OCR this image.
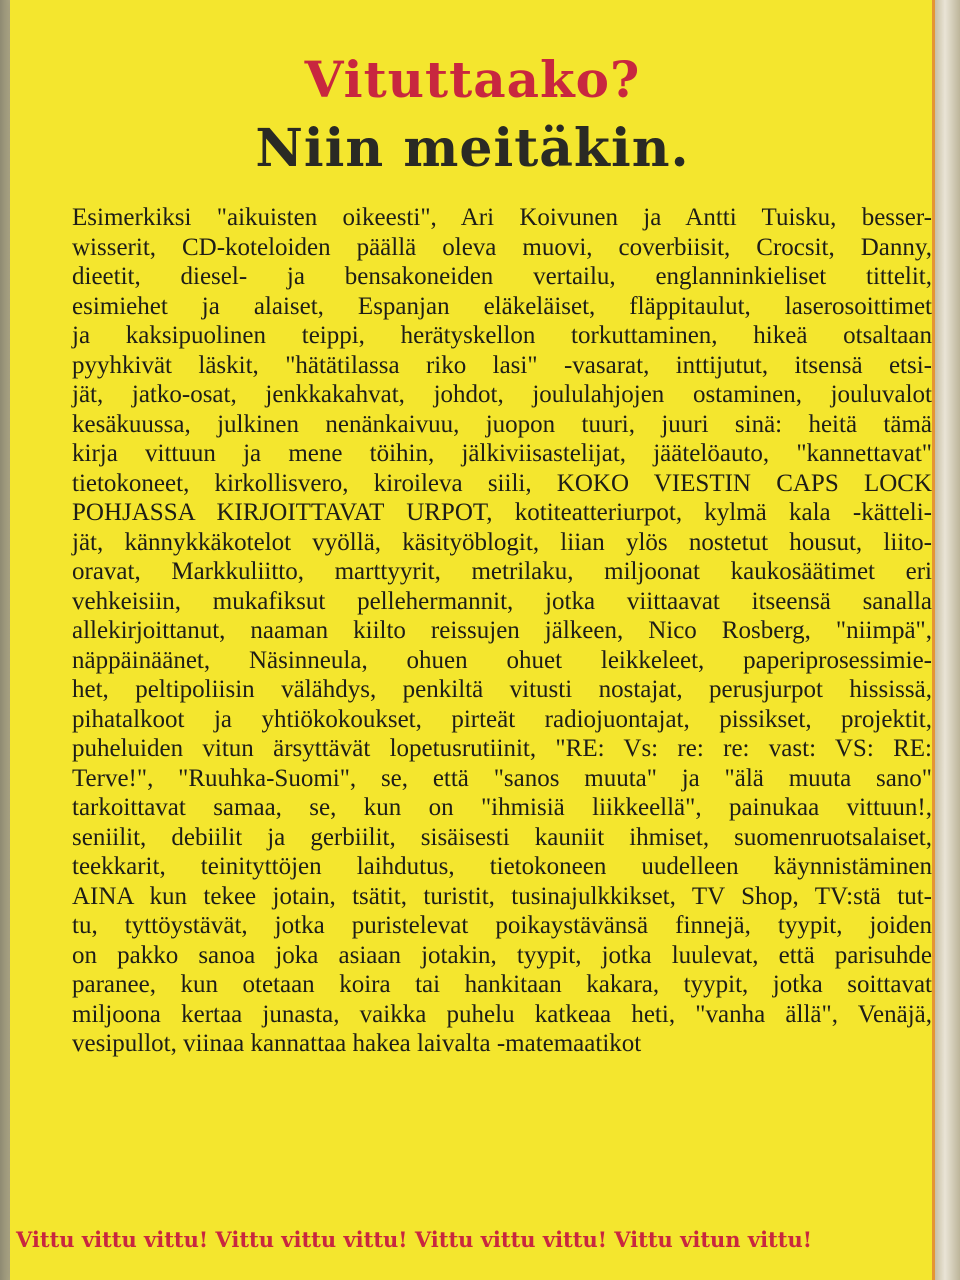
Vituttaako?
Niin meitäkin.

Esimerkiksi "aikuisten oikeesti", Ari Koivunen ja Antti Tuisku, besser-
wisserit, CD-koteloiden päällä oleva muovi, coverbiisit, Crocsit, Danny,
dieetit, diesel- ja bensakoneiden vertailu, englanninkieliset tittelit,
esimiehet ja alaiset, Espanjan eläkeläiset, fläppitaulut, laserosoittimet
ja kaksipuolinen teippi, herätyskellon torkuttaminen, hikeä otsaltaan
pyyhkivät läskit, "hätätilassa riko lasi" -vasarat, inttijutut, itsensä etsi-
jät, jatko-osat, jenkkakahvat, johdot, joululahjojen ostaminen, jouluvalot
kesäkuussa, julkinen nenänkaivuu, juopon tuuri, juuri sinä: heitä tämä
kirja vittuun ja mene töihin, jälkiviisastelijat, jäätelöauto, "kannettavat"
tietokoneet, kirkollisvero, kiroileva siili, KOKO VIESTIN CAPS LOCK
POHJASSA KIRJOITTAVAT URPOT, kotiteatteriurpot, kylmä kala -kätteli-
jät, kännykkäkotelot vyöllä, käsityöblogit, liian ylös nostetut housut, liito-
oravat, Markkuliitto, marttyyrit, metrilaku, miljoonat kaukosäätimet eri
vehkeisiin, mukafiksut pellehermannit, jotka viittaavat itseensä sanalla
allekirjoittanut, naaman kiilto reissujen jälkeen, Nico Rosberg, "niimpä",
näppäinäänet, Näsinneula, ohuen ohuet leikkeleet, paperiprosessimie-
het, peltipoliisin välähdys, penkiltä vitusti nostajat, perusjurpot hississä,
pihatalkoot ja yhtiökokoukset, pirteät radiojuontajat, pissikset, projektit,
puheluiden vitun ärsyttävät lopetusrutiinit, "RE: Vs: re: re: vast: VS: RE:
Terve!", "Ruuhka-Suomi", se, että "sanos muuta" ja "älä muuta sano"
tarkoittavat samaa, se, kun on "ihmisiä liikkeellä", painukaa vittuun!,
seniilit, debiilit ja gerbiilit, sisäisesti kauniit ihmiset, suomenruotsalaiset,
teekkarit, teinityttöjen laihdutus, tietokoneen uudelleen käynnistäminen
AINA kun tekee jotain, tsätit, turistit, tusinajulkkikset, TV Shop, TV:stä tut-
tu, tyttöystävät, jotka puristelevat poikaystävänsä finnejä, tyypit, joiden
on pakko sanoa joka asiaan jotakin, tyypit, jotka luulevat, että parisuhde
paranee, kun otetaan koira tai hankitaan kakara, tyypit, jotka soittavat
miljoona kertaa junasta, vaikka puhelu katkeaa heti, "vanha ällä", Venäjä,
vesipullot, viinaa kannattaa hakea laivalta -matemaatikot

Vittu vittu vittu! Vittu vittu vittu! Vittu vittu vittu! Vittu vitun vittu!
